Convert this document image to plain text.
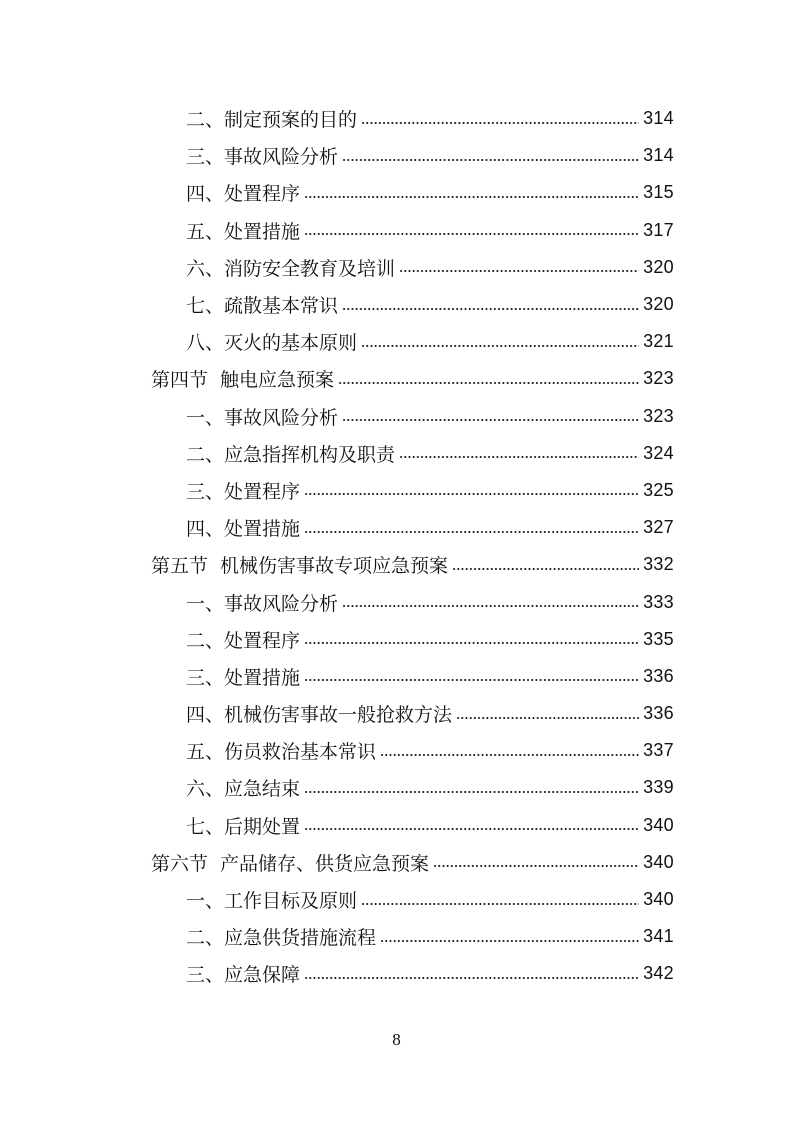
二、 制定预案的目的	314
三、 事故风险分析	314
四、 处置程序	315
五、 处置措施	317
六、 消防安全教育及培训	320
七、 疏散基本常识	320
八、 灭火的基本原则	321
第四节 触电应急预案	323
一、 事故风险分析	323
二、 应急指挥机构及职责	324
三、 处置程序	325
四、 处置措施	327
第五节 机械伤害事故专项应急预案	332
一、 事故风险分析	333
二、 处置程序	335
三、 处置措施	336
四、 机械伤害事故一般抢救方法	336
五、 伤员救治基本常识	337
六、 应急结束	339
七、 后期处置	340
第六节 产品储存、供货应急预案	340
一、 工作目标及原则	340
二、 应急供货措施流程	341
三、 应急保障	342
8
